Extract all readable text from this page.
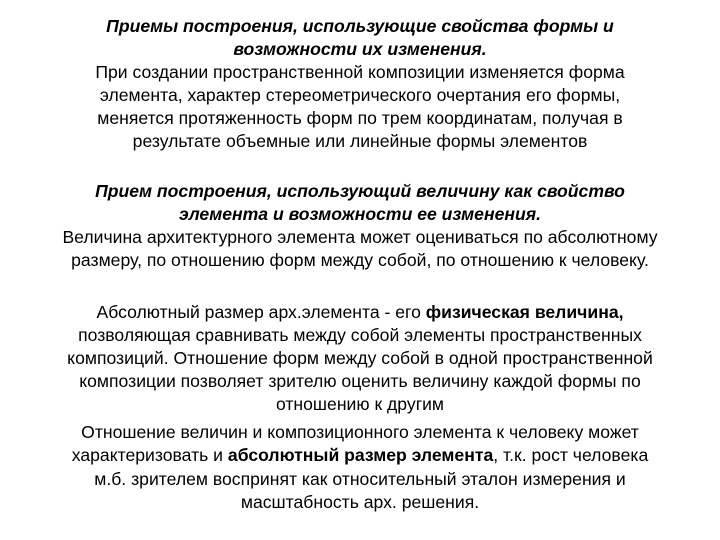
Приемы построения, использующие свойства формы и
возможности их изменения.
При создании пространственной композиции изменяется форма
элемента, характер стереометрического очертания его формы,
меняется протяженность форм по трем координатам, получая в
результате объемные или линейные формы элементов
Прием построения, использующий величину как свойство
элемента и возможности ее изменения.
Величина архитектурного элемента может оцениваться по абсолютному
размеру, по отношению форм между собой, по отношению к человеку.
Абсолютный размер арх.элемента - его физическая величина,
позволяющая сравнивать между собой элементы пространственных
композиций. Отношение форм между собой в одной пространственной
композиции позволяет зрителю оценить величину каждой формы по
отношению к другим
Отношение величин и композиционного элемента к человеку может
характеризовать и абсолютный размер элемента, т.к. рост человека
м.б. зрителем воспринят как относительный эталон измерения и
масштабность арх. решения.
